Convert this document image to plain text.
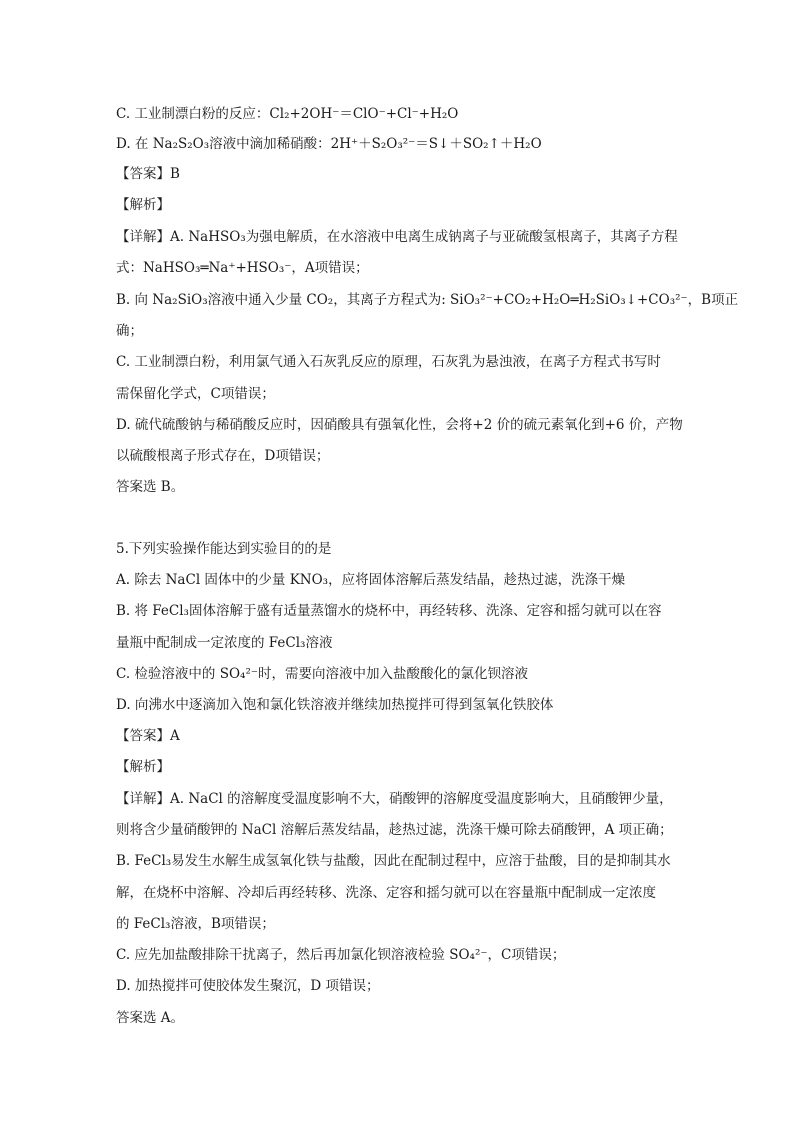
C. 工业制漂白粉的反应：Cl₂+2OH⁻＝ClO⁻+Cl⁻+H₂O
D. 在 Na₂S₂O₃溶液中滴加稀硝酸：2H⁺＋S₂O₃²⁻＝S↓＋SO₂↑＋H₂O
【答案】B
【解析】
【详解】A. NaHSO₃为强电解质，在水溶液中电离生成钠离子与亚硫酸氢根离子，其离子方程
式：NaHSO₃═Na⁺+HSO₃⁻，A项错误；
B. 向 Na₂SiO₃溶液中通入少量 CO₂，其离子方程式为: SiO₃²⁻+CO₂+H₂O═H₂SiO₃↓+CO₃²⁻，B项正
确；
C. 工业制漂白粉，利用氯气通入石灰乳反应的原理，石灰乳为悬浊液，在离子方程式书写时
需保留化学式，C项错误；
D. 硫代硫酸钠与稀硝酸反应时，因硝酸具有强氧化性，会将+2 价的硫元素氧化到+6 价，产物
以硫酸根离子形式存在，D项错误；
答案选 B。
5.下列实验操作能达到实验目的的是
A. 除去 NaCl 固体中的少量 KNO₃，应将固体溶解后蒸发结晶，趁热过滤，洗涤干燥
B. 将 FeCl₃固体溶解于盛有适量蒸馏水的烧杯中，再经转移、洗涤、定容和摇匀就可以在容
量瓶中配制成一定浓度的 FeCl₃溶液
C. 检验溶液中的 SO₄²⁻时，需要向溶液中加入盐酸酸化的氯化钡溶液
D. 向沸水中逐滴加入饱和氯化铁溶液并继续加热搅拌可得到氢氧化铁胶体
【答案】A
【解析】
【详解】A. NaCl 的溶解度受温度影响不大，硝酸钾的溶解度受温度影响大，且硝酸钾少量，
则将含少量硝酸钾的 NaCl 溶解后蒸发结晶，趁热过滤，洗涤干燥可除去硝酸钾，A 项正确；
B. FeCl₃易发生水解生成氢氧化铁与盐酸，因此在配制过程中，应溶于盐酸，目的是抑制其水
解，在烧杯中溶解、冷却后再经转移、洗涤、定容和摇匀就可以在容量瓶中配制成一定浓度
的 FeCl₃溶液，B项错误；
C. 应先加盐酸排除干扰离子，然后再加氯化钡溶液检验 SO₄²⁻，C项错误；
D. 加热搅拌可使胶体发生聚沉，D 项错误；
答案选 A。
